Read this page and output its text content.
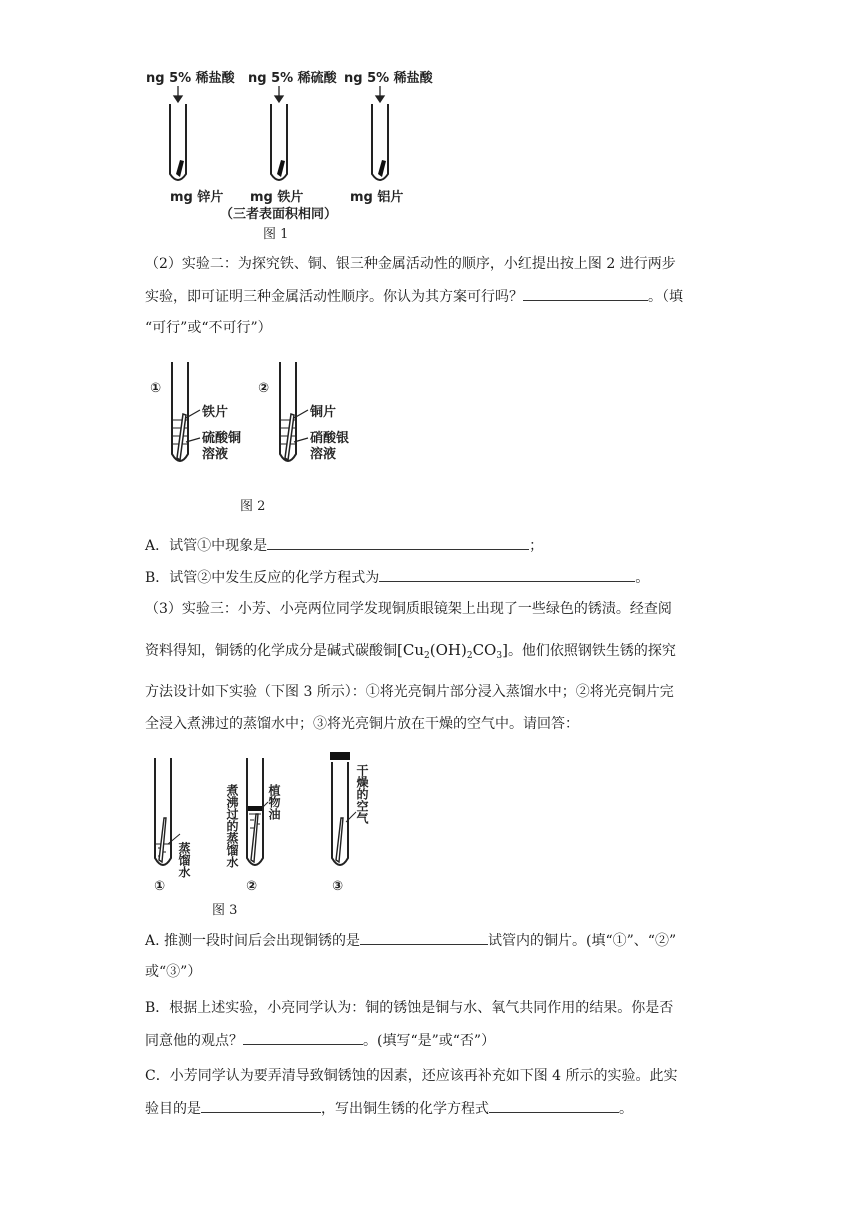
ng 5% 稀盐酸 ng 5% 稀硫酸 ng 5% 稀盐酸
mg 锌片 mg 铁片	mg 铝片
（三者表面积相同）
图 1
（2）实验二：为探究铁、铜、银三种金属活动性的顺序，小红提出按上图 2 进行两步
实验，即可证明三种金属活动性顺序。你认为其方案可行吗？	。（填
“可行”或“不可行”）
①	②
铁片
硫酸铜
溶液
铜片
硝酸银
溶液
图 2
A．试管①中现象是	；
B．试管②中发生反应的化学方程式为	。
（3）实验三：小芳、小亮两位同学发现铜质眼镜架上出现了一些绿色的锈渍。经查阅
资料得知，铜锈的化学成分是碱式碳酸铜$[Cu_2(OH)_2CO_3]$。他们依照钢铁生锈的探究
方法设计如下实验（下图 3 所示）：①将光亮铜片部分浸入蒸馏水中；②将光亮铜片完
全浸入煮沸过的蒸馏水中；③将光亮铜片放在干燥的空气中。请回答：
蒸馏水	煮沸过的蒸馏水 植物油	干燥的空气
①	②	③
图 3
A. 推测一段时间后会出现铜锈的是	试管内的铜片。(填“①”、“②”
或“③”）
B．根据上述实验，小亮同学认为：铜的锈蚀是铜与水、氧气共同作用的结果。你是否
同意他的观点？	。(填写“是”或“否”）
C．小芳同学认为要弄清导致铜锈蚀的因素，还应该再补充如下图 4 所示的实验。此实
验目的是	，写出铜生锈的化学方程式	。
